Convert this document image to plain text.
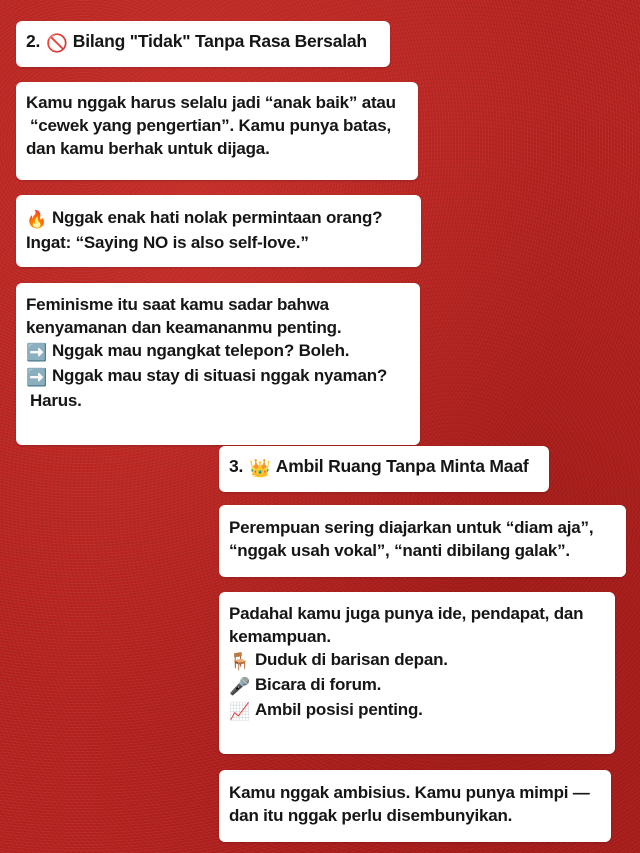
2. 🚫 Bilang "Tidak" Tanpa Rasa Bersalah
Kamu nggak harus selalu jadi “anak baik” atau
“cewek yang pengertian”. Kamu punya batas,
dan kamu berhak untuk dijaga.
🔥 Nggak enak hati nolak permintaan orang?
Ingat: “Saying NO is also self-love.”
Feminisme itu saat kamu sadar bahwa
kenyamanan dan keamananmu penting.
➡️ Nggak mau ngangkat telepon? Boleh.
➡️ Nggak mau stay di situasi nggak nyaman?
Harus.
3. 👑 Ambil Ruang Tanpa Minta Maaf
Perempuan sering diajarkan untuk “diam aja”,
“nggak usah vokal”, “nanti dibilang galak”.
Padahal kamu juga punya ide, pendapat, dan
kemampuan.
🪑 Duduk di barisan depan.
🎤 Bicara di forum.
📈 Ambil posisi penting.
Kamu nggak ambisius. Kamu punya mimpi —
dan itu nggak perlu disembunyikan.
